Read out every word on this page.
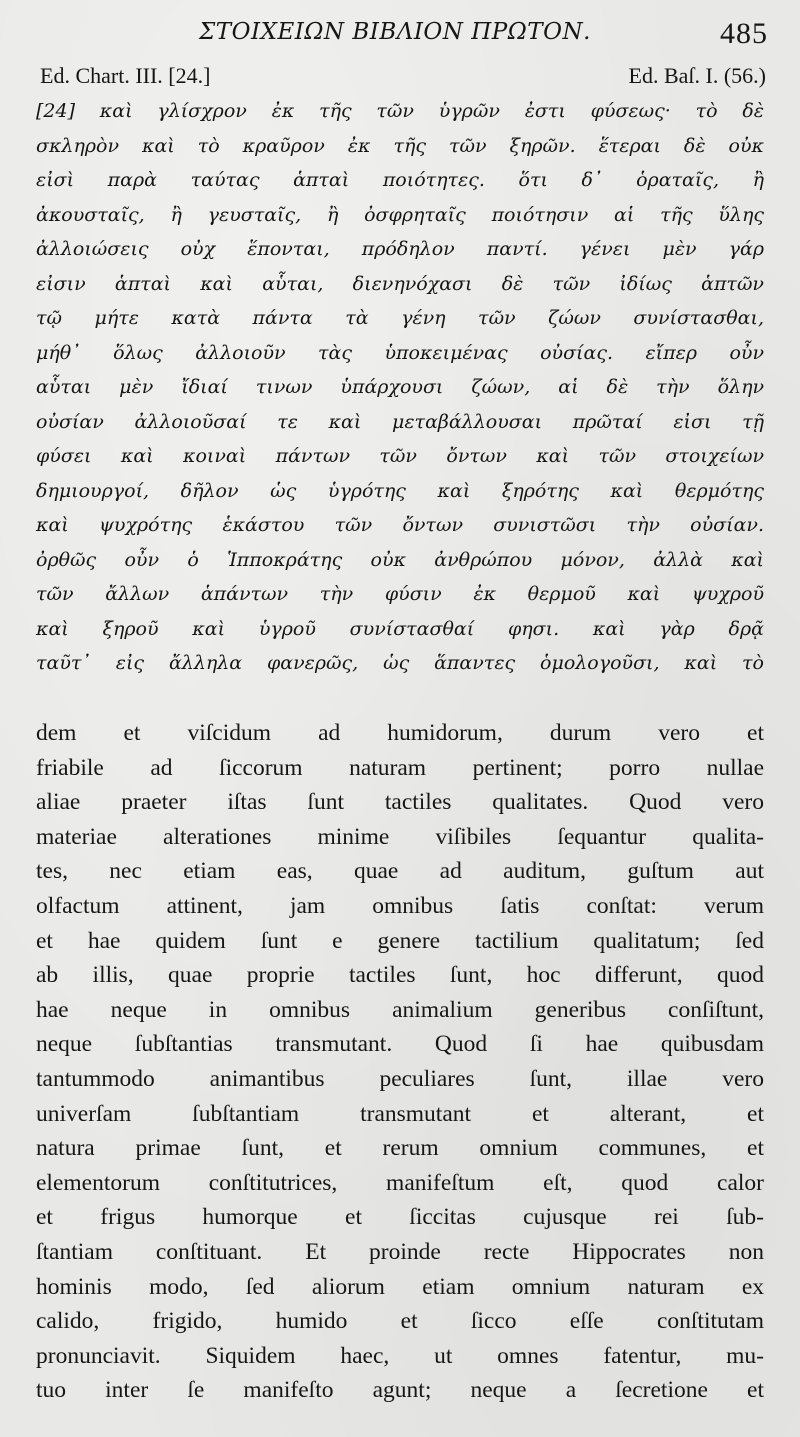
ΣΤΟΙΧΕΙΩΝ ΒΙΒΛΙΟΝ ΠΡΩΤΟΝ.	485
Ed. Chart. III. [24.]	Ed. Baſ. I. (56.)
[24] καὶ γλίσχρον ἐκ τῆς τῶν ὑγρῶν ἐστι φύσεως· τὸ δὲ
σκληρὸν καὶ τὸ κραῦρον ἐκ τῆς τῶν ξηρῶν. ἕτεραι δὲ οὐκ
εἰσὶ παρὰ ταύτας ἁπταὶ ποιότητες. ὅτι δ᾽ ὁραταῖς, ἢ
ἀκουσταῖς, ἢ γευσταῖς, ἢ ὀσφρηταῖς ποιότησιν αἱ τῆς ὕλης
ἀλλοιώσεις οὐχ ἕπονται, πρόδηλον παντί. γένει μὲν γάρ
εἰσιν ἁπταὶ καὶ αὗται, διενηνόχασι δὲ τῶν ἰδίως ἁπτῶν
τῷ μήτε κατὰ πάντα τὰ γένη τῶν ζώων συνίστασθαι,
μήθ᾽ ὅλως ἀλλοιοῦν τὰς ὑποκειμένας οὐσίας. εἴπερ οὖν
αὗται μὲν ἴδιαί τινων ὑπάρχουσι ζώων, αἱ δὲ τὴν ὅλην
οὐσίαν ἀλλοιοῦσαί τε καὶ μεταβάλλουσαι πρῶταί εἰσι τῇ
φύσει καὶ κοιναὶ πάντων τῶν ὄντων καὶ τῶν στοιχείων
δημιουργοί, δῆλον ὡς ὑγρότης καὶ ξηρότης καὶ θερμότης
καὶ ψυχρότης ἑκάστου τῶν ὄντων συνιστῶσι τὴν οὐσίαν.
ὀρθῶς οὖν ὁ Ἱπποκράτης οὐκ ἀνθρώπου μόνον, ἀλλὰ καὶ
τῶν ἄλλων ἁπάντων τὴν φύσιν ἐκ θερμοῦ καὶ ψυχροῦ
καὶ ξηροῦ καὶ ὑγροῦ συνίστασθαί φησι. καὶ γὰρ δρᾷ
ταῦτ᾽ εἰς ἄλληλα φανερῶς, ὡς ἅπαντες ὁμολογοῦσι, καὶ τὸ
dem et viſcidum ad humidorum, durum vero et
friabile ad ſiccorum naturam pertinent; porro nullae
aliae praeter iſtas ſunt tactiles qualitates. Quod vero
materiae alterationes minime viſibiles ſequantur qualita-
tes, nec etiam eas, quae ad auditum, guſtum aut
olfactum attinent, jam omnibus ſatis conſtat: verum
et hae quidem ſunt e genere tactilium qualitatum; ſed
ab illis, quae proprie tactiles ſunt, hoc differunt, quod
hae neque in omnibus animalium generibus conſiſtunt,
neque ſubſtantias transmutant. Quod ſi hae quibusdam
tantummodo animantibus peculiares ſunt, illae vero
univerſam ſubſtantiam transmutant et alterant, et
natura primae ſunt, et rerum omnium communes, et
elementorum conſtitutrices, manifeſtum eſt, quod calor
et frigus humorque et ſiccitas cujusque rei ſub-
ſtantiam conſtituant. Et proinde recte Hippocrates non
hominis modo, ſed aliorum etiam omnium naturam ex
calido, frigido, humido et ſicco eſſe conſtitutam
pronunciavit. Siquidem haec, ut omnes fatentur, mu-
tuo inter ſe manifeſto agunt; neque a ſecretione et
